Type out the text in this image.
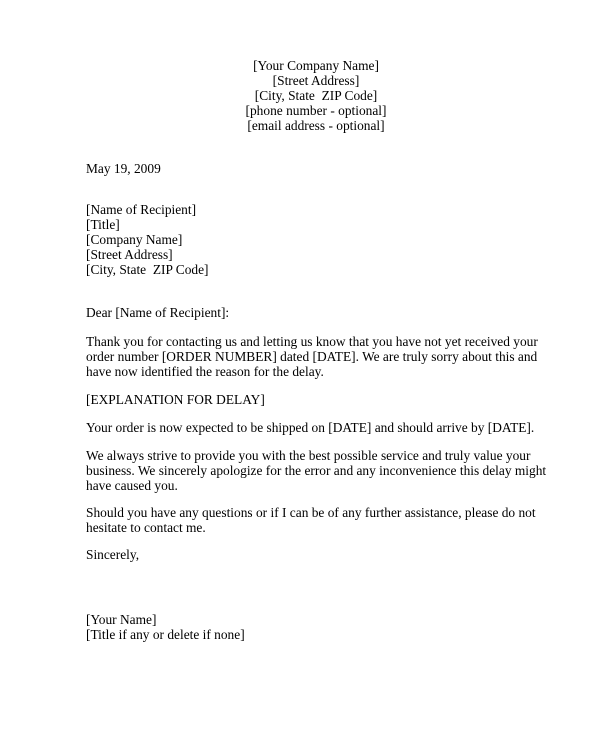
[Your Company Name]
[Street Address]
[City, State  ZIP Code]
[phone number - optional]
[email address - optional]
May 19, 2009
[Name of Recipient]
[Title]
[Company Name]
[Street Address]
[City, State  ZIP Code]
Dear [Name of Recipient]:
Thank you for contacting us and letting us know that you have not yet received your
order number [ORDER NUMBER] dated [DATE]. We are truly sorry about this and
have now identified the reason for the delay.
[EXPLANATION FOR DELAY]
Your order is now expected to be shipped on [DATE] and should arrive by [DATE].
We always strive to provide you with the best possible service and truly value your
business. We sincerely apologize for the error and any inconvenience this delay might
have caused you.
Should you have any questions or if I can be of any further assistance, please do not
hesitate to contact me.
Sincerely,
[Your Name]
[Title if any or delete if none]
